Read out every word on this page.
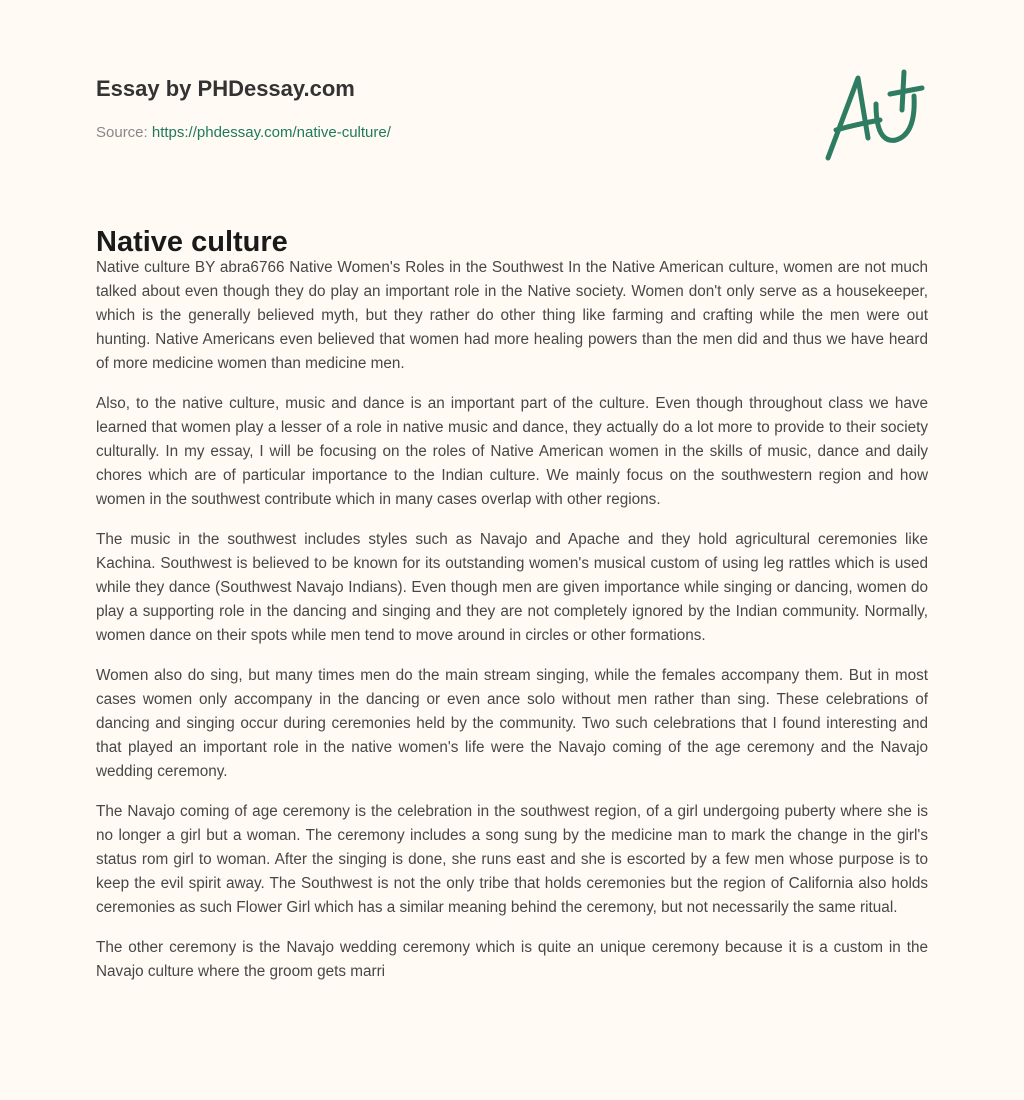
Essay by PHDessay.com
Source: https://phdessay.com/native-culture/
Native culture

Native culture BY abra6766 Native Women's Roles in the Southwest In the Native American culture, women are not much talked about even though they do play an important role in the Native society. Women don't only serve as a housekeeper, which is the generally believed myth, but they rather do other thing like farming and crafting while the men were out hunting. Native Americans even believed that women had more healing powers than the men did and thus we have heard of more medicine women than medicine men.

Also, to the native culture, music and dance is an important part of the culture. Even though throughout class we have learned that women play a lesser of a role in native music and dance, they actually do a lot more to provide to their society culturally. In my essay, I will be focusing on the roles of Native American women in the skills of music, dance and daily chores which are of particular importance to the Indian culture. We mainly focus on the southwestern region and how women in the southwest contribute which in many cases overlap with other regions.

The music in the southwest includes styles such as Navajo and Apache and they hold agricultural ceremonies like Kachina. Southwest is believed to be known for its outstanding women's musical custom of using leg rattles which is used while they dance (Southwest Navajo Indians). Even though men are given importance while singing or dancing, women do play a supporting role in the dancing and singing and they are not completely ignored by the Indian community. Normally, women dance on their spots while men tend to move around in circles or other formations.

Women also do sing, but many times men do the main stream singing, while the females accompany them. But in most cases women only accompany in the dancing or even ance solo without men rather than sing. These celebrations of dancing and singing occur during ceremonies held by the community. Two such celebrations that I found interesting and that played an important role in the native women's life were the Navajo coming of the age ceremony and the Navajo wedding ceremony.

The Navajo coming of age ceremony is the celebration in the southwest region, of a girl undergoing puberty where she is no longer a girl but a woman. The ceremony includes a song sung by the medicine man to mark the change in the girl's status rom girl to woman. After the singing is done, she runs east and she is escorted by a few men whose purpose is to keep the evil spirit away. The Southwest is not the only tribe that holds ceremonies but the region of California also holds ceremonies as such Flower Girl which has a similar meaning behind the ceremony, but not necessarily the same ritual.

The other ceremony is the Navajo wedding ceremony which is quite an unique ceremony because it is a custom in the Navajo culture where the groom gets marri
